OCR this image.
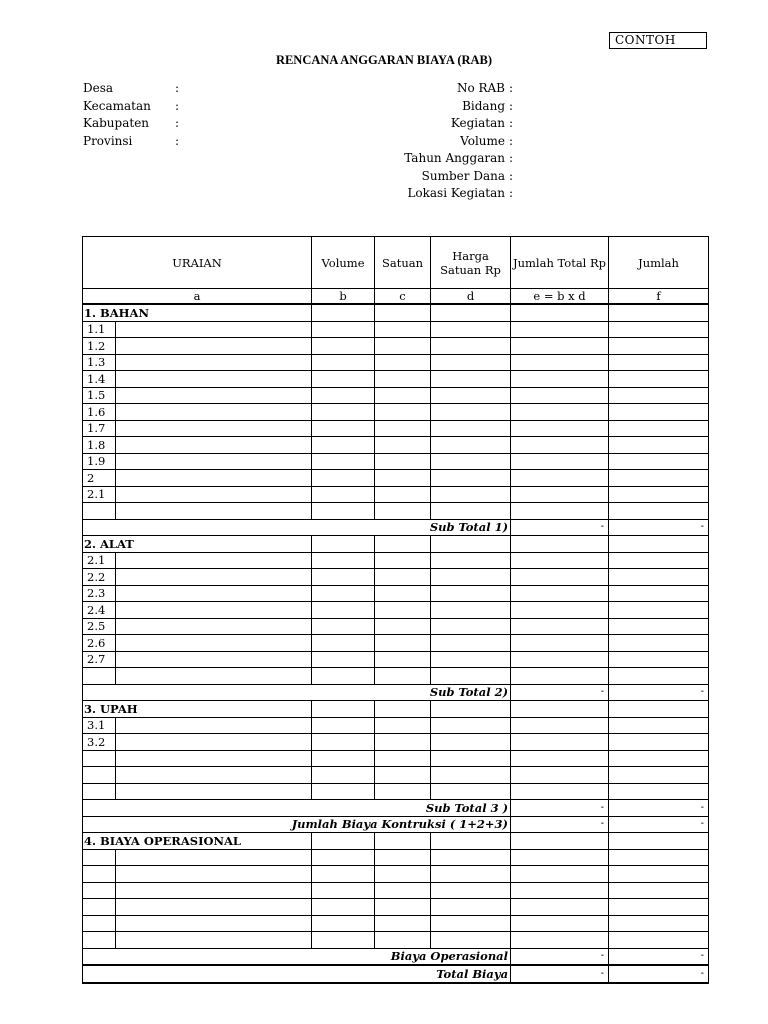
CONTOH
RENCANA ANGGARAN BIAYA (RAB)
Desa	:
Kecamatan	:
Kabupaten	:
Provinsi	:
No RAB :
Bidang :
Kegiatan :
Volume :
Tahun Anggaran :
Sumber Dana :
Lokasi Kegiatan :
URAIAN		Volume	Satuan	Harga Satuan Rp	Jumlah Total Rp	Jumlah
a		b	c	d	e = b x d	f
1. BAHAN						
1.1						
1.2						
1.3						
1.4						
1.5						
1.6						
1.7						
1.8						
1.9						
2						
2.1						

Sub Total 1)					-	-
2. ALAT						
2.1						
2.2						
2.3						
2.4						
2.5						
2.6						
2.7						

Sub Total 2)					-	-
3. UPAH						
3.1						
3.2						

Sub Total 3 )					-	-
Jumlah Biaya Kontruksi ( 1+2+3)					-	-
4. BIAYA OPERASIONAL						

Biaya Operasional					-	-
Total Biaya					-	-
